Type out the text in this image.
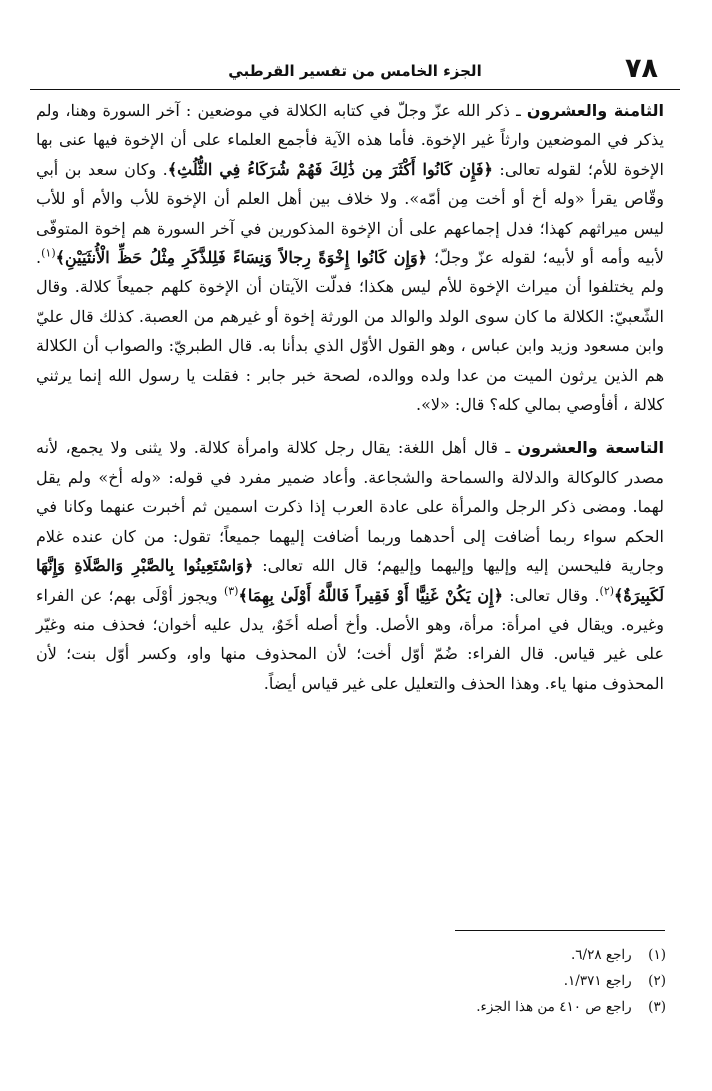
٧٨
الجزء الخامس من تفسير القرطبي

الثامنة والعشرون ـ ذكر الله عزّ وجلّ في كتابه الكلالة في موضعين : آخر السورة وهنا، ولم يذكر في الموضعين وارثاً غير الإخوة. فأما هذه الآية فأجمع العلماء على أن الإخوة فيها عنى بها الإخوة للأم؛ لقوله تعالى: ﴿فَإِن كَانُوا أَكْثَرَ مِن ذَٰلِكَ فَهُمْ شُرَكَاءُ فِي الثُّلُثِ﴾. وكان سعد بن أبي وقّاص يقرأ «وله أخ أو أخت مِن أمّه». ولا خلاف بين أهل العلم أن الإخوة للأب والأم أو للأب ليس ميراثهم كهذا؛ فدل إجماعهم على أن الإخوة المذكورين في آخر السورة هم إخوة المتوفّى لأبيه وأمه أو لأبيه؛ لقوله عزّ وجلّ؛ ﴿وَإِن كَانُوا إِخْوَةً رِجالاً وَنِسَاءً فَلِلذَّكَرِ مِثْلُ حَظِّ الْأُنثَيَيْنِ﴾$^{(١)}$. ولم يختلفوا أن ميراث الإخوة للأم ليس هكذا؛ فدلّت الآيتان أن الإخوة كلهم جميعاً كلالة. وقال الشّعبيّ: الكلالة ما كان سوى الولد والوالد من الورثة إخوة أو غيرهم من العصبة. كذلك قال عليّ وابن مسعود وزيد وابن عباس ، وهو القول الأوّل الذي بدأنا به. قال الطبريّ: والصواب أن الكلالة هم الذين يرثون الميت من عدا ولده ووالده، لصحة خبر جابر : فقلت يا رسول الله إنما يرثني كلالة ، أفأوصي بمالي كله؟ قال: «لا».

التاسعة والعشرون ـ قال أهل اللغة: يقال رجل كلالة وامرأة كلالة. ولا يثنى ولا يجمع، لأنه مصدر كالوكالة والدلالة والسماحة والشجاعة. وأعاد ضمير مفرد في قوله: «وله أخ» ولم يقل لهما. ومضى ذكر الرجل والمرأة على عادة العرب إذا ذكرت اسمين ثم أخبرت عنهما وكانا في الحكم سواء ربما أضافت إلى أحدهما وربما أضافت إليهما جميعاً؛ تقول: من كان عنده غلام وجارية فليحسن إليه وإليها وإليهما وإليهم؛ قال الله تعالى: ﴿وَاسْتَعِينُوا بِالصَّبْرِ وَالصَّلَاةِ وَإِنَّهَا لَكَبِيرَةٌ﴾$^{(٢)}$. وقال تعالى: ﴿إِن يَكُنْ غَنِيًّا أَوْ فَقِيراً فَاللَّهُ أَوْلَىٰ بِهِمَا﴾$^{(٣)}$ ويجوز أوْلَى بهم؛ عن الفراء وغيره. ويقال في امرأة: مرأة، وهو الأصل. وأخ أصله أخَوٌ، يدل عليه أخوان؛ فحذف منه وغيّر على غير قياس. قال الفراء: ضُمّ أوّل أخت؛ لأن المحذوف منها واو، وكسر أوّل بنت؛ لأن المحذوف منها ياء. وهذا الحذف والتعليل على غير قياس أيضاً.

(١) راجع ٦/٢٨.
(٢) راجع ١/٣٧١.
(٣) راجع ص ٤١٠ من هذا الجزء.
